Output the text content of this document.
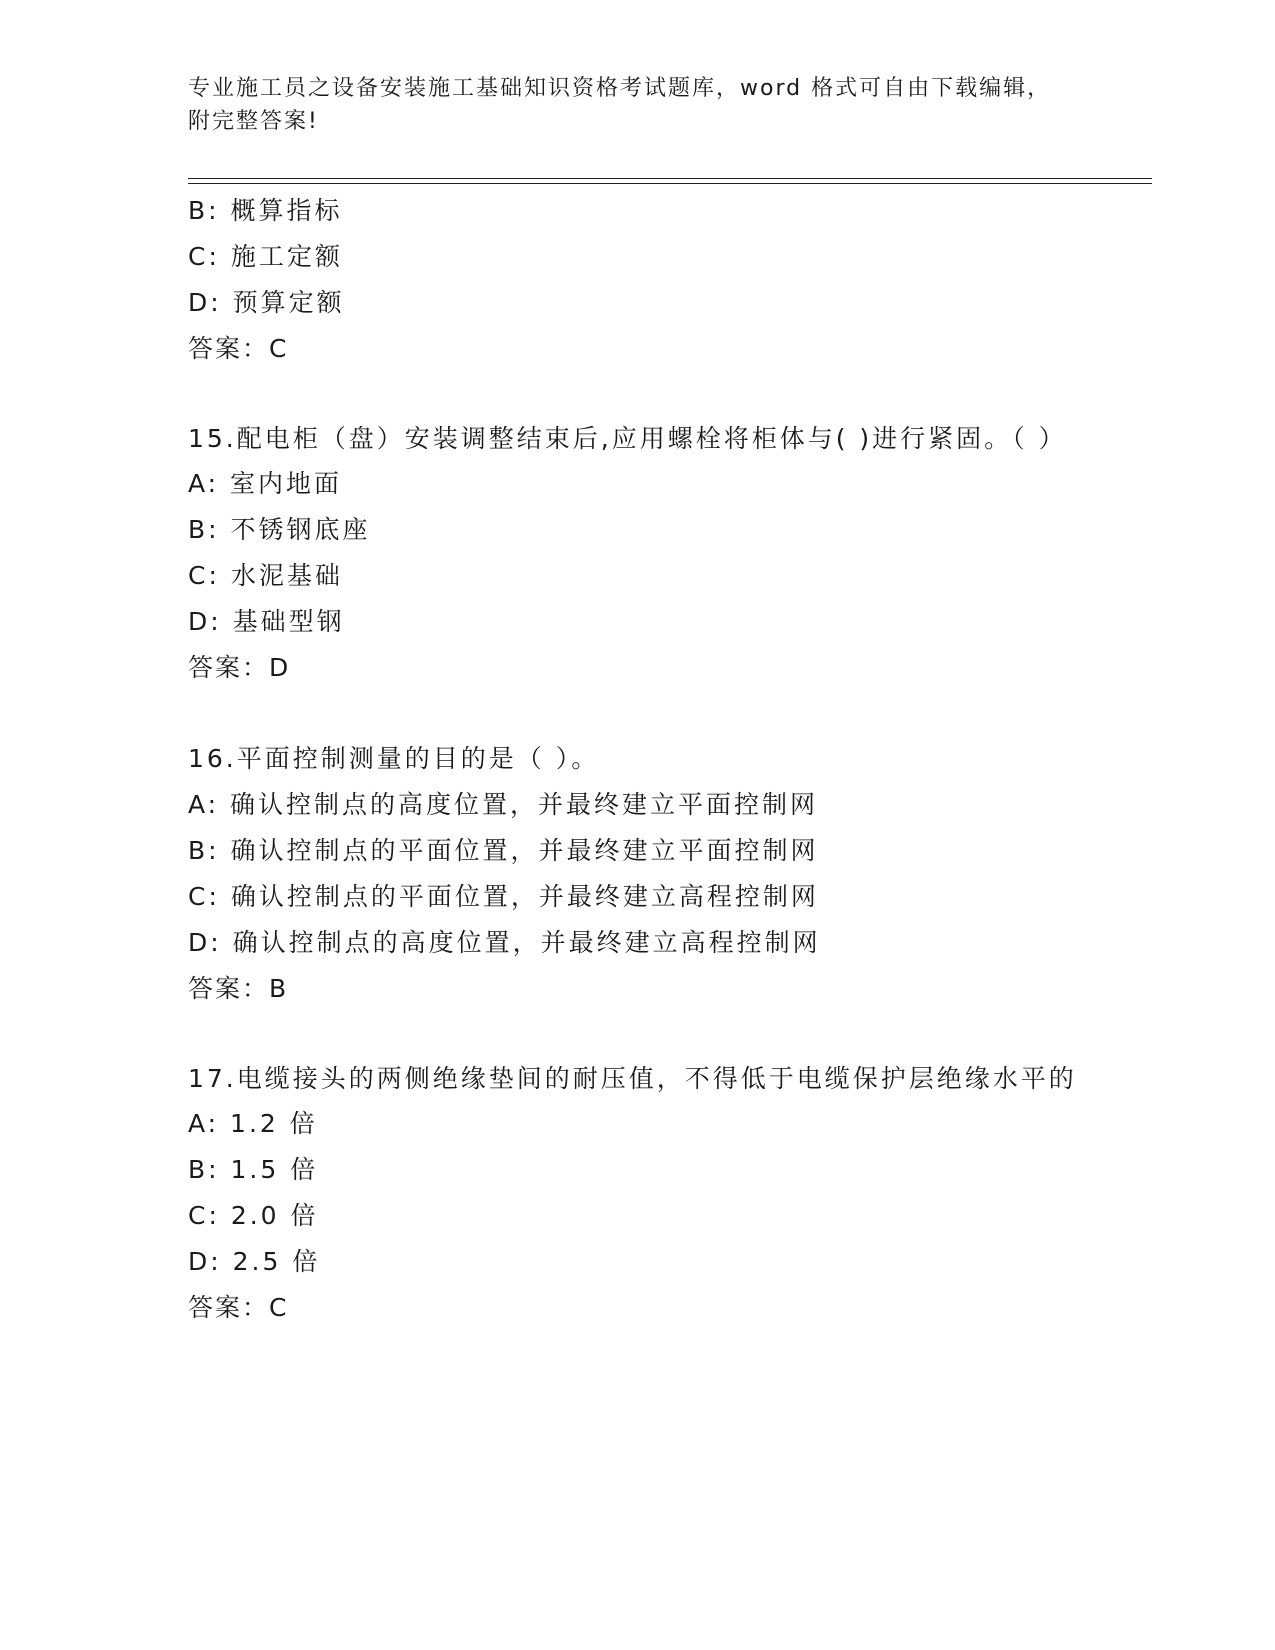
专业施工员之设备安装施工基础知识资格考试题库，word 格式可自由下载编辑，
附完整答案!
B: 概算指标
C: 施工定额
D: 预算定额
答案：C
15.配电柜（盘）安装调整结束后,应用螺栓将柜体与( )进行紧固。（ ）
A: 室内地面
B: 不锈钢底座
C: 水泥基础
D: 基础型钢
答案：D
16.平面控制测量的目的是（ ）。
A: 确认控制点的高度位置，并最终建立平面控制网
B: 确认控制点的平面位置，并最终建立平面控制网
C: 确认控制点的平面位置，并最终建立高程控制网
D: 确认控制点的高度位置，并最终建立高程控制网
答案：B
17.电缆接头的两侧绝缘垫间的耐压值，不得低于电缆保护层绝缘水平的
A: 1.2 倍
B: 1.5 倍
C: 2.0 倍
D: 2.5 倍
答案：C
